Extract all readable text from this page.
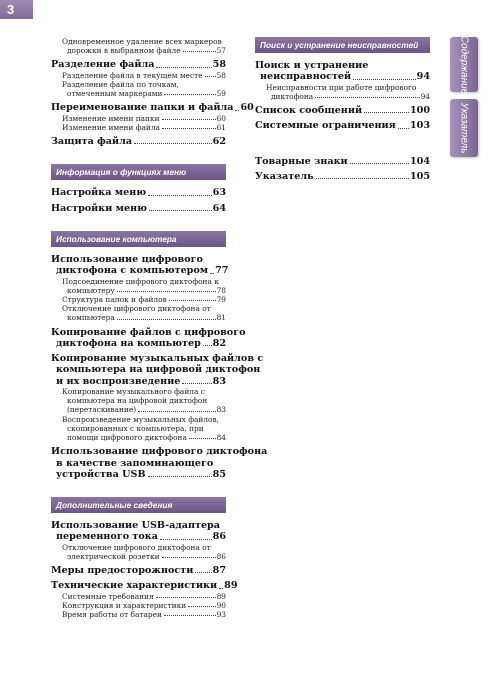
3
Одновременное удаление всех маркеров
дорожки в выбранном файле	57
Разделение файла	58
Разделение файла в текущем месте 58
Разделение файла по точкам,
отмеченным маркерами	59
Переименование папки и файла 60
Изменение имени папки	60
Изменение имени файла	61
Защита файла	62
Информация о функциях меню
Настройка меню	63
Настройки меню	64
Использование компьютера
Использование цифрового
диктофона с компьютером 77
Подсоединение цифрового диктофона к
компьютеру	78
Структура папок и файлов	79
Отключение цифрового диктофона от
компьютера	81
Копирование файлов с цифрового
диктофона на компьютер 82
Копирование музыкальных файлов с
компьютера на цифровой диктофон
и их воспроизведение	83
Копирование музыкального файла с
компьютера на цифровой диктофон
(перетаскивание)	83
Воспроизведение музыкальных файлов,
скопированных с компьютера, при
помощи цифрового диктофона	84
Использование цифрового диктофона
в качестве запоминающего
устройства USB	85
Дополнительные сведения
Использование USB-адаптера
переменного тока	86
Отключение цифрового диктофона от
электрической розетки	86
Меры предосторожности 87
Технические характеристики 89
Системные требования	89
Конструкция и характеристики	90
Время работы от батареи	93
Поиск и устранение неисправностей
Поиск и устранение
неисправностей	94
Неисправности при работе цифрового
диктофона	94
Список сообщений	100
Системные ограничения 103
Товарные знаки	104
Указатель	105
Содержание
Указатель
